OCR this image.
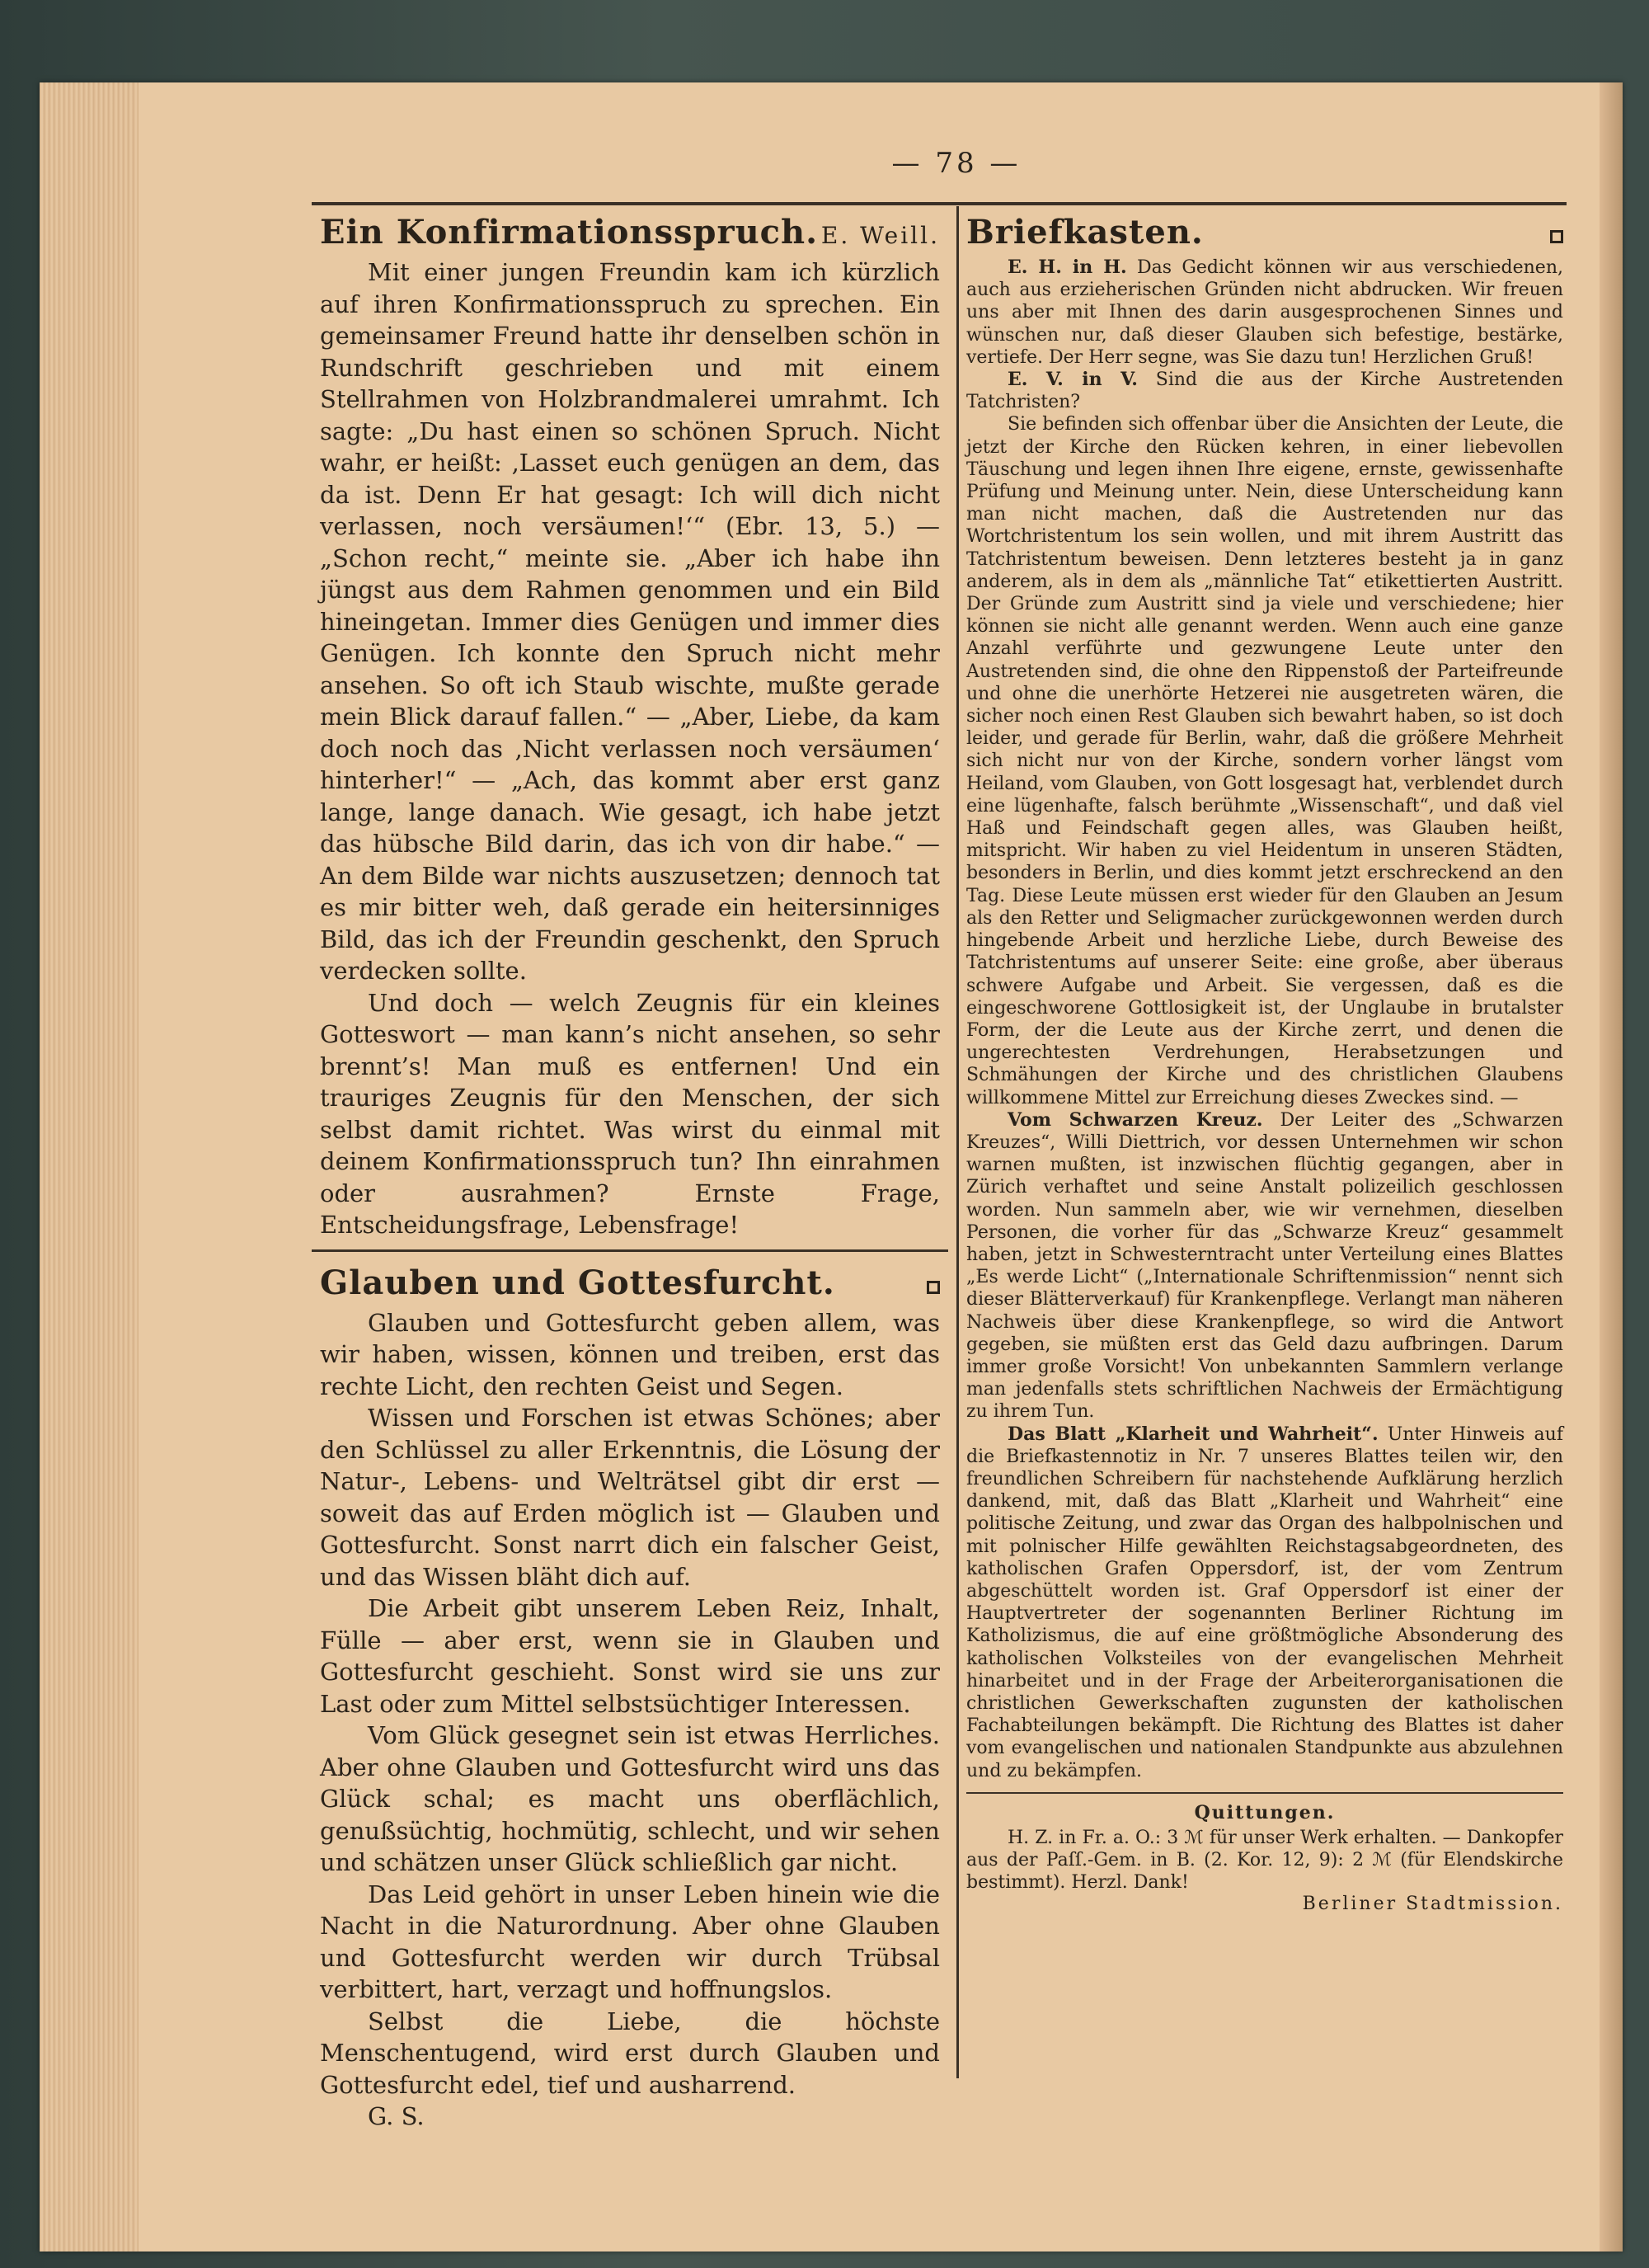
— 78 —
Ein Konfirmationsspruch. E. Weill.

Mit einer jungen Freundin kam ich kürzlich auf ihren Konfirmationsspruch zu sprechen. Ein gemeinsamer Freund hatte ihr denselben schön in Rundschrift geschrieben und mit einem Stellrahmen von Holzbrandmalerei umrahmt. Ich sagte: „Du hast einen so schönen Spruch. Nicht wahr, er heißt: ‚Lasset euch genügen an dem, das da ist. Denn Er hat gesagt: Ich will dich nicht verlassen, noch versäumen!‘“ (Ebr. 13, 5.) — „Schon recht,“ meinte sie. „Aber ich habe ihn jüngst aus dem Rahmen genommen und ein Bild hineingetan. Immer dies Genügen und immer dies Genügen. Ich konnte den Spruch nicht mehr ansehen. So oft ich Staub wischte, mußte gerade mein Blick darauf fallen.“ — „Aber, Liebe, da kam doch noch das ‚Nicht verlassen noch versäumen‘ hinterher!“ — „Ach, das kommt aber erst ganz lange, lange danach. Wie gesagt, ich habe jetzt das hübsche Bild darin, das ich von dir habe.“ — An dem Bilde war nichts auszusetzen; dennoch tat es mir bitter weh, daß gerade ein heitersinniges Bild, das ich der Freundin geschenkt, den Spruch verdecken sollte.

Und doch — welch Zeugnis für ein kleines Gotteswort — man kann’s nicht ansehen, so sehr brennt’s! Man muß es entfernen! Und ein trauriges Zeugnis für den Menschen, der sich selbst damit richtet. Was wirst du einmal mit deinem Konfirmationsspruch tun? Ihn einrahmen oder ausrahmen? Ernste Frage, Entscheidungsfrage, Lebensfrage!

Glauben und Gottesfurcht.

Glauben und Gottesfurcht geben allem, was wir haben, wissen, können und treiben, erst das rechte Licht, den rechten Geist und Segen.

Wissen und Forschen ist etwas Schönes; aber den Schlüssel zu aller Erkenntnis, die Lösung der Natur-, Lebens- und Welträtsel gibt dir erst — soweit das auf Erden möglich ist — Glauben und Gottesfurcht. Sonst narrt dich ein falscher Geist, und das Wissen bläht dich auf.

Die Arbeit gibt unserem Leben Reiz, Inhalt, Fülle — aber erst, wenn sie in Glauben und Gottesfurcht geschieht. Sonst wird sie uns zur Last oder zum Mittel selbstsüchtiger Interessen.

Vom Glück gesegnet sein ist etwas Herrliches. Aber ohne Glauben und Gottesfurcht wird uns das Glück schal; es macht uns oberflächlich, genußsüchtig, hochmütig, schlecht, und wir sehen und schätzen unser Glück schließlich gar nicht.

Das Leid gehört in unser Leben hinein wie die Nacht in die Naturordnung. Aber ohne Glauben und Gottesfurcht werden wir durch Trübsal verbittert, hart, verzagt und hoffnungslos.

Selbst die Liebe, die höchste Menschentugend, wird erst durch Glauben und Gottesfurcht edel, tief und ausharrend.

G. S.

Briefkasten.

E. H. in H. Das Gedicht können wir aus verschiedenen, auch aus erzieherischen Gründen nicht abdrucken. Wir freuen uns aber mit Ihnen des darin ausgesprochenen Sinnes und wünschen nur, daß dieser Glauben sich befestige, bestärke, vertiefe. Der Herr segne, was Sie dazu tun! Herzlichen Gruß!

E. V. in V. Sind die aus der Kirche Austretenden Tatchristen?

Sie befinden sich offenbar über die Ansichten der Leute, die jetzt der Kirche den Rücken kehren, in einer liebevollen Täuschung und legen ihnen Ihre eigene, ernste, gewissenhafte Prüfung und Meinung unter. Nein, diese Unterscheidung kann man nicht machen, daß die Austretenden nur das Wortchristentum los sein wollen, und mit ihrem Austritt das Tatchristentum beweisen. Denn letzteres besteht ja in ganz anderem, als in dem als „männliche Tat“ etikettierten Austritt. Der Gründe zum Austritt sind ja viele und verschiedene; hier können sie nicht alle genannt werden. Wenn auch eine ganze Anzahl verführte und gezwungene Leute unter den Austretenden sind, die ohne den Rippenstoß der Parteifreunde und ohne die unerhörte Hetzerei nie ausgetreten wären, die sicher noch einen Rest Glauben sich bewahrt haben, so ist doch leider, und gerade für Berlin, wahr, daß die größere Mehrheit sich nicht nur von der Kirche, sondern vorher längst vom Heiland, vom Glauben, von Gott losgesagt hat, verblendet durch eine lügenhafte, falsch berühmte „Wissenschaft“, und daß viel Haß und Feindschaft gegen alles, was Glauben heißt, mitspricht. Wir haben zu viel Heidentum in unseren Städten, besonders in Berlin, und dies kommt jetzt erschreckend an den Tag. Diese Leute müssen erst wieder für den Glauben an Jesum als den Retter und Seligmacher zurückgewonnen werden durch hingebende Arbeit und herzliche Liebe, durch Beweise des Tatchristentums auf unserer Seite: eine große, aber überaus schwere Aufgabe und Arbeit. Sie vergessen, daß es die eingeschworene Gottlosigkeit ist, der Unglaube in brutalster Form, der die Leute aus der Kirche zerrt, und denen die ungerechtesten Verdrehungen, Herabsetzungen und Schmähungen der Kirche und des christlichen Glaubens willkommene Mittel zur Erreichung dieses Zweckes sind. —

Vom Schwarzen Kreuz. Der Leiter des „Schwarzen Kreuzes“, Willi Diettrich, vor dessen Unternehmen wir schon warnen mußten, ist inzwischen flüchtig gegangen, aber in Zürich verhaftet und seine Anstalt polizeilich geschlossen worden. Nun sammeln aber, wie wir vernehmen, dieselben Personen, die vorher für das „Schwarze Kreuz“ gesammelt haben, jetzt in Schwesterntracht unter Verteilung eines Blattes „Es werde Licht“ („Internationale Schriftenmission“ nennt sich dieser Blätterverkauf) für Krankenpflege. Verlangt man näheren Nachweis über diese Krankenpflege, so wird die Antwort gegeben, sie müßten erst das Geld dazu aufbringen. Darum immer große Vorsicht! Von unbekannten Sammlern verlange man jedenfalls stets schriftlichen Nachweis der Ermächtigung zu ihrem Tun.

Das Blatt „Klarheit und Wahrheit“. Unter Hinweis auf die Briefkastennotiz in Nr. 7 unseres Blattes teilen wir, den freundlichen Schreibern für nachstehende Aufklärung herzlich dankend, mit, daß das Blatt „Klarheit und Wahrheit“ eine politische Zeitung, und zwar das Organ des halbpolnischen und mit polnischer Hilfe gewählten Reichstagsabgeordneten, des katholischen Grafen Oppersdorf, ist, der vom Zentrum abgeschüttelt worden ist. Graf Oppersdorf ist einer der Hauptvertreter der sogenannten Berliner Richtung im Katholizismus, die auf eine größtmögliche Absonderung des katholischen Volksteiles von der evangelischen Mehrheit hinarbeitet und in der Frage der Arbeiterorganisationen die christlichen Gewerkschaften zugunsten der katholischen Fachabteilungen bekämpft. Die Richtung des Blattes ist daher vom evangelischen und nationalen Standpunkte aus abzulehnen und zu bekämpfen.

Quittungen.

H. Z. in Fr. a. O.: 3 ℳ für unser Werk erhalten. — Dankopfer aus der Paſſ.-Gem. in B. (2. Kor. 12, 9): 2 ℳ (für Elendskirche bestimmt). Herzl. Dank!

Berliner Stadtmission.
